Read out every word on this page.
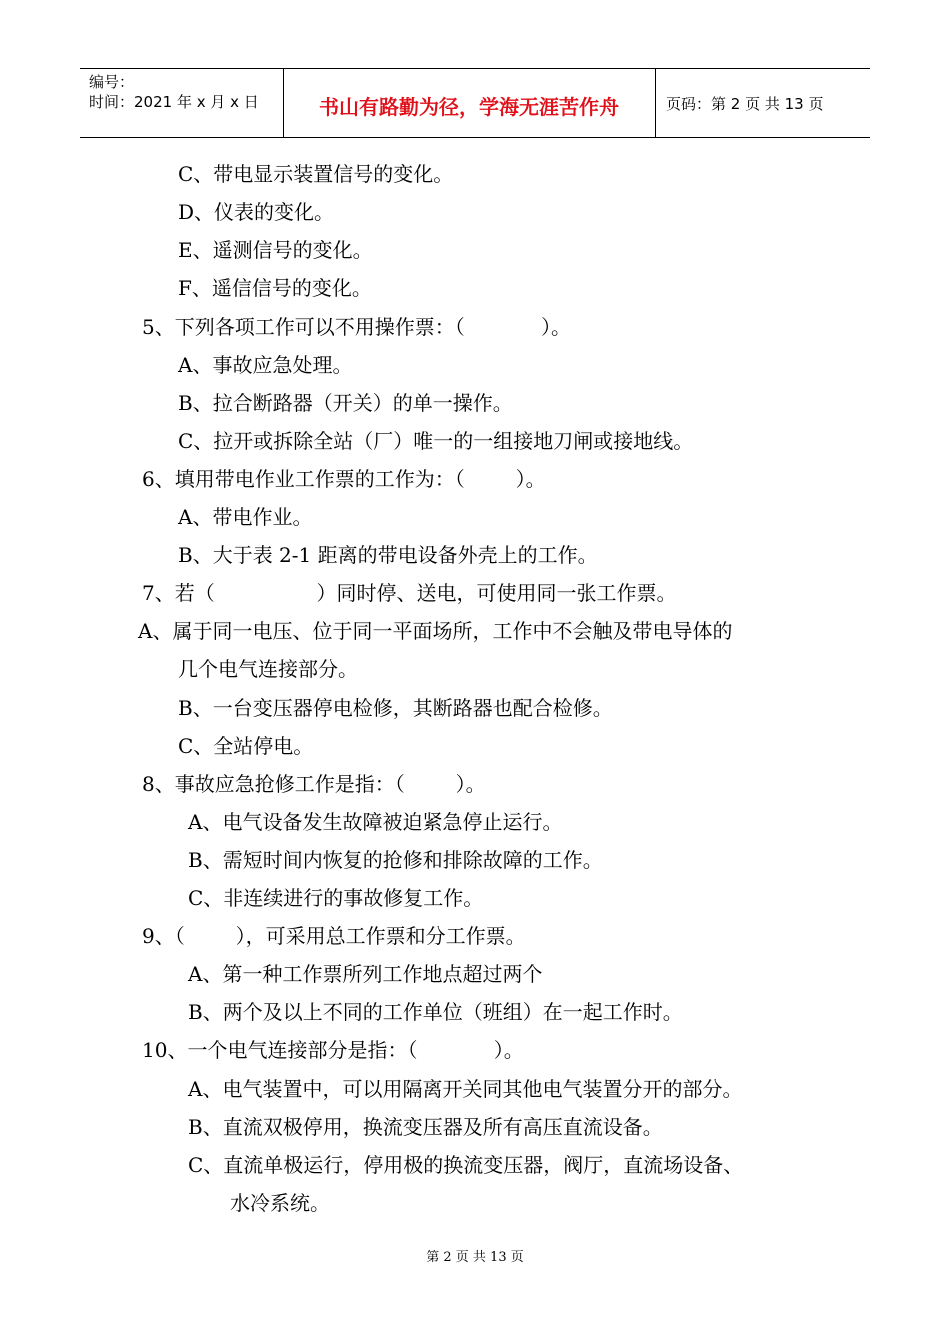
编号：
时间：2021 年 x 月 x 日	书山有路勤为径，学海无涯苦作舟	页码：第 2 页 共 13 页
C、带电显示装置信号的变化。
D、仪表的变化。
E、遥测信号的变化。
F、遥信信号的变化。
5、下列各项工作可以不用操作票：（            ）。
A、事故应急处理。
B、拉合断路器（开关）的单一操作。
C、拉开或拆除全站（厂）唯一的一组接地刀闸或接地线。
6、填用带电作业工作票的工作为：（        ）。
A、带电作业。
B、大于表 2-1 距离的带电设备外壳上的工作。
7、若（                ）同时停、送电，可使用同一张工作票。
A、属于同一电压、位于同一平面场所，工作中不会触及带电导体的
几个电气连接部分。
B、一台变压器停电检修，其断路器也配合检修。
C、全站停电。
8、事故应急抢修工作是指：（        ）。
A、电气设备发生故障被迫紧急停止运行。
B、需短时间内恢复的抢修和排除故障的工作。
C、非连续进行的事故修复工作。
9、（        ），可采用总工作票和分工作票。
A、第一种工作票所列工作地点超过两个
B、两个及以上不同的工作单位（班组）在一起工作时。
10、一个电气连接部分是指：（            ）。
A、电气装置中，可以用隔离开关同其他电气装置分开的部分。
B、直流双极停用，换流变压器及所有高压直流设备。
C、直流单极运行，停用极的换流变压器，阀厅，直流场设备、
水冷系统。
第 2 页 共 13 页
